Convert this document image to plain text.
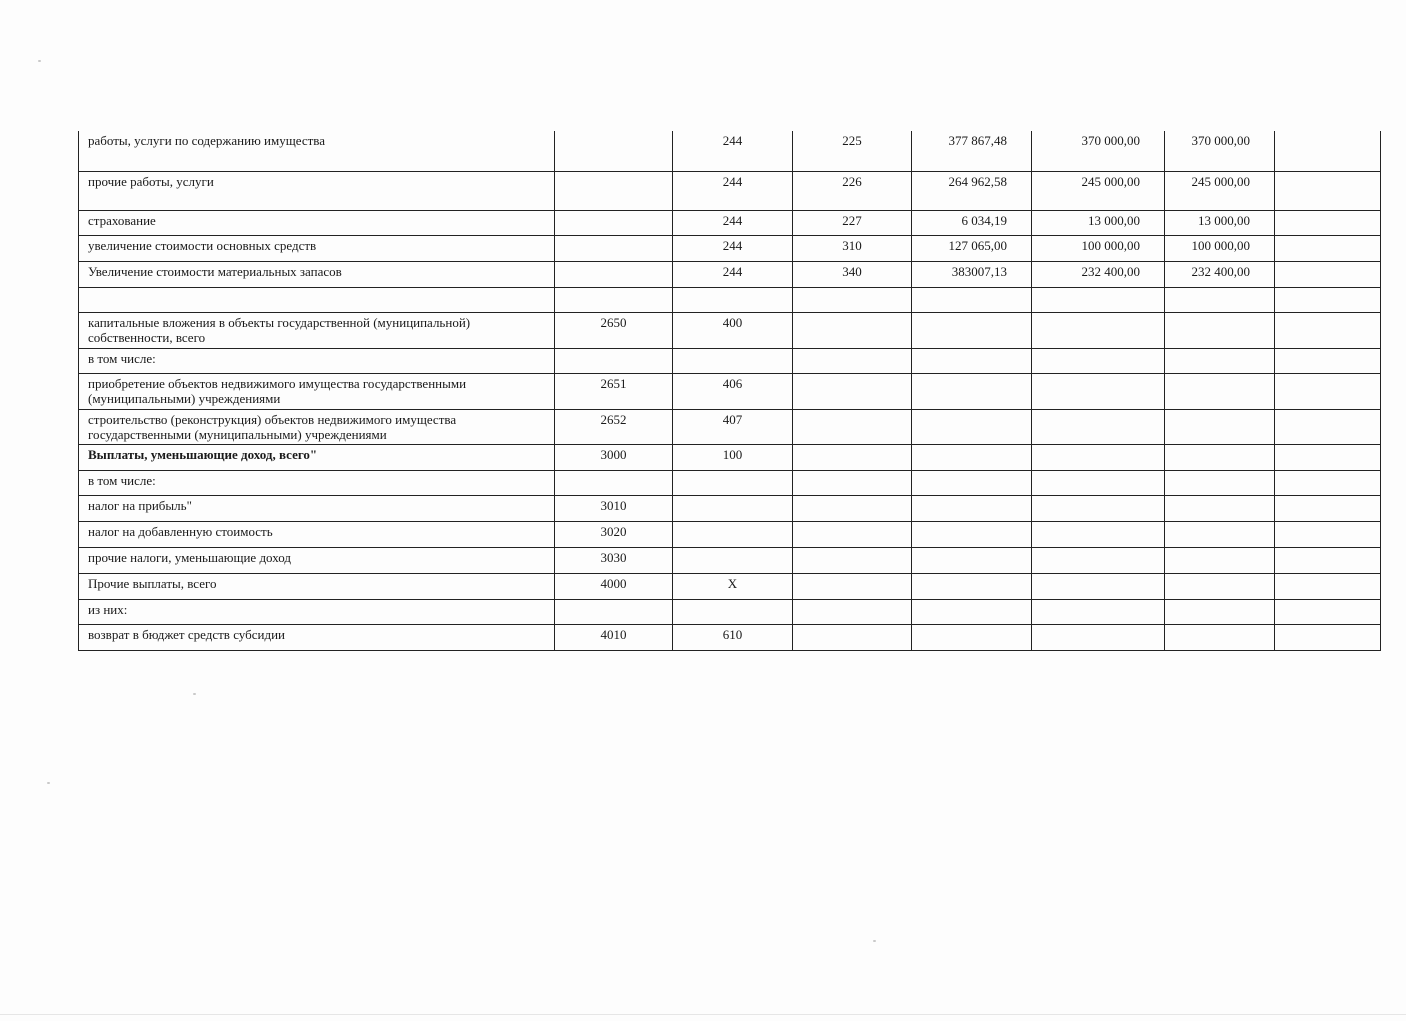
работы, услуги по содержанию имущества		244	225	377 867,48	370 000,00	370 000,00	
прочие работы, услуги		244	226	264 962,58	245 000,00	245 000,00	
страхование		244	227	6 034,19	13 000,00	13 000,00	
увеличение стоимости основных средств		244	310	127 065,00	100 000,00	100 000,00	
Увеличение стоимости материальных запасов		244	340	383007,13	232 400,00	232 400,00	

капитальные вложения в объекты государственной (муниципальной) собственности, всего	2650	400					
в том числе:							
приобретение объектов недвижимого имущества государственными (муниципальными) учреждениями	2651	406					
строительство (реконструкция) объектов недвижимого имущества государственными (муниципальными) учреждениями	2652	407					
Выплаты, уменьшающие доход, всего"	3000	100					
в том числе:							
налог на прибыль"	3010						
налог на добавленную стоимость	3020						
прочие налоги, уменьшающие доход	3030						
Прочие выплаты, всего	4000	X					
из них:							
возврат в бюджет средств субсидии	4010	610					
